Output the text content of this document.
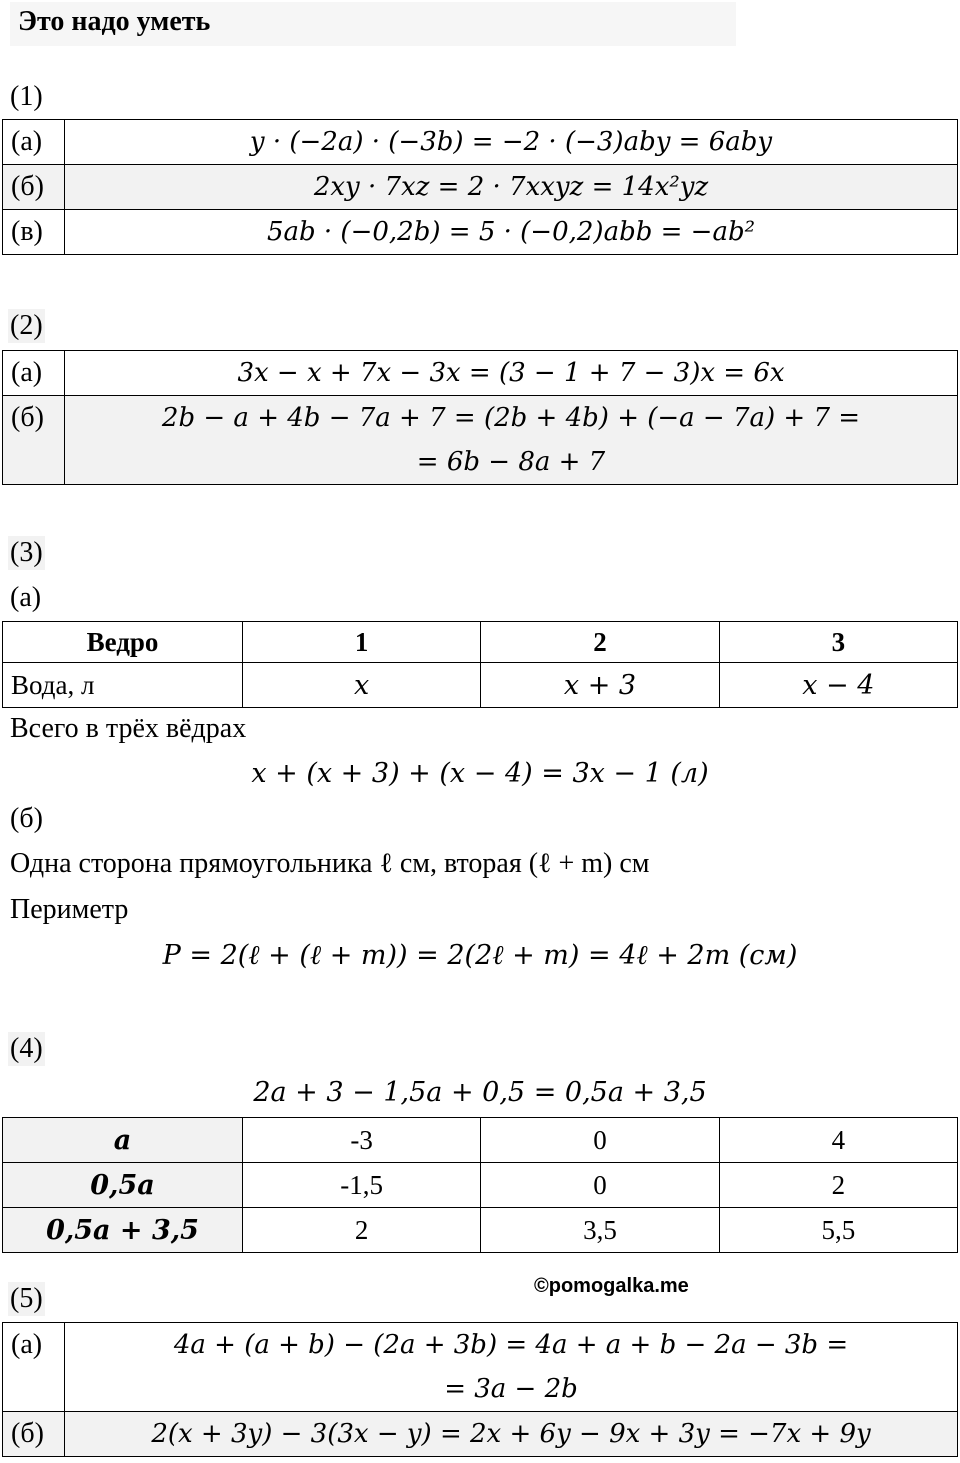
Это надо уметь
(1)
(а)	y · (−2a) · (−3b) = −2 · (−3)aby = 6aby
(б)	2xy · 7xz = 2 · 7xxyz = 14x²yz
(в)	5ab · (−0,2b) = 5 · (−0,2)abb = −ab²
(2)
(а)	3x − x + 7x − 3x = (3 − 1 + 7 − 3)x = 6x
(б)	2b − a + 4b − 7a + 7 = (2b + 4b) + (−a − 7a) + 7 =
= 6b − 8a + 7
(3)
(а)
Ведро	1	2	3
Вода, л	x	x + 3	x − 4
Всего в трёх вёдрах
x + (x + 3) + (x − 4) = 3x − 1 (л)
(б)
Одна сторона прямоугольника ℓ см, вторая (ℓ + m) см
Периметр
P = 2(ℓ + (ℓ + m)) = 2(2ℓ + m) = 4ℓ + 2m (см)
(4)
2a + 3 − 1,5a + 0,5 = 0,5a + 3,5
a	-3	0	4
0,5a	-1,5	0	2
0,5a + 3,5	2	3,5	5,5
©pomogalka.me
(5)
(а)	4a + (a + b) − (2a + 3b) = 4a + a + b − 2a − 3b =
= 3a − 2b

(б)	2(x + 3y) − 3(3x − y) = 2x + 6y − 9x + 3y = −7x + 9y
